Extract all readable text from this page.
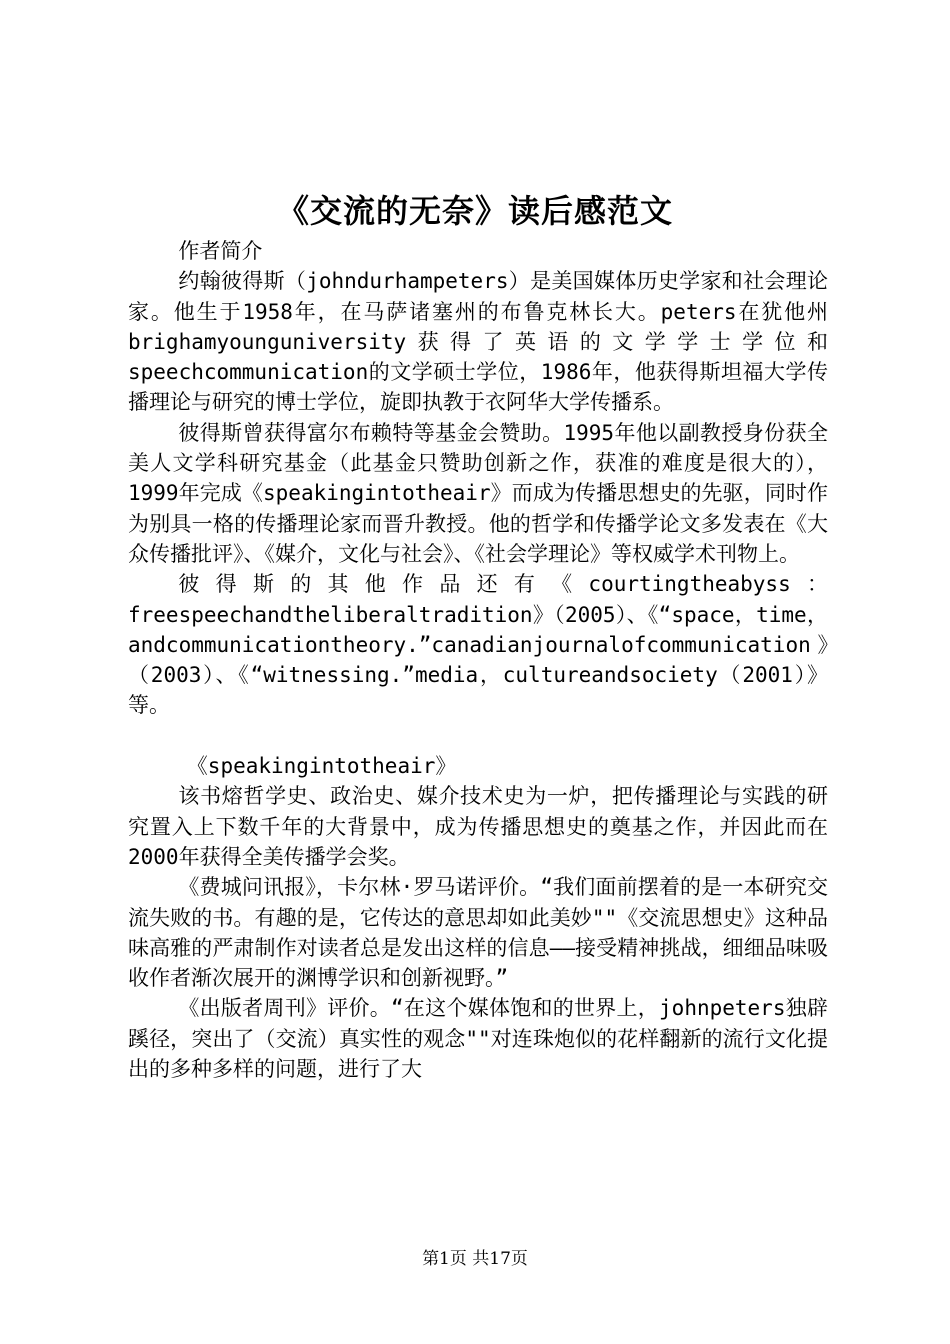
《交流的无奈》读后感范文

作者简介

约翰彼得斯（johndurhampeters）是美国媒体历史学家和社会理论家。他生于1958年，在马萨诸塞州的布鲁克林长大。peters在犹他州brighamyounguniversity获得了英语的文学学士学位和speechcommunication的文学硕士学位，1986年，他获得斯坦福大学传播理论与研究的博士学位，旋即执教于衣阿华大学传播系。

彼得斯曾获得富尔布赖特等基金会赞助。1995年他以副教授身份获全美人文学科研究基金（此基金只赞助创新之作，获准的难度是很大的），1999年完成《speakingintotheair》而成为传播思想史的先驱，同时作为别具一格的传播理论家而晋升教授。他的哲学和传播学论文多发表在《大众传播批评》、《媒介，文化与社会》、《社会学理论》等权威学术刊物上。

彼得斯的其他作品还有《courtingtheabyss：freespeechandtheliberaltradition》（2005）、《“space，time，andcommunicationtheory.”canadianjournalofcommunication》（2003）、《“witnessing.”media，cultureandsociety（2001）》等。

《speakingintotheair》

该书熔哲学史、政治史、媒介技术史为一炉，把传播理论与实践的研究置入上下数千年的大背景中，成为传播思想史的奠基之作，并因此而在2000年获得全美传播学会奖。

《费城问讯报》，卡尔林·罗马诺评价。“我们面前摆着的是一本研究交流失败的书。有趣的是，它传达的意思却如此美妙""《交流思想史》这种品味高雅的严肃制作对读者总是发出这样的信息——接受精神挑战，细细品味吸收作者渐次展开的渊博学识和创新视野。”

《出版者周刊》评价。“在这个媒体饱和的世界上，johnpeters独辟蹊径，突出了（交流）真实性的观念""对连珠炮似的花样翻新的流行文化提出的多种多样的问题，进行了大

第1页 共17页
